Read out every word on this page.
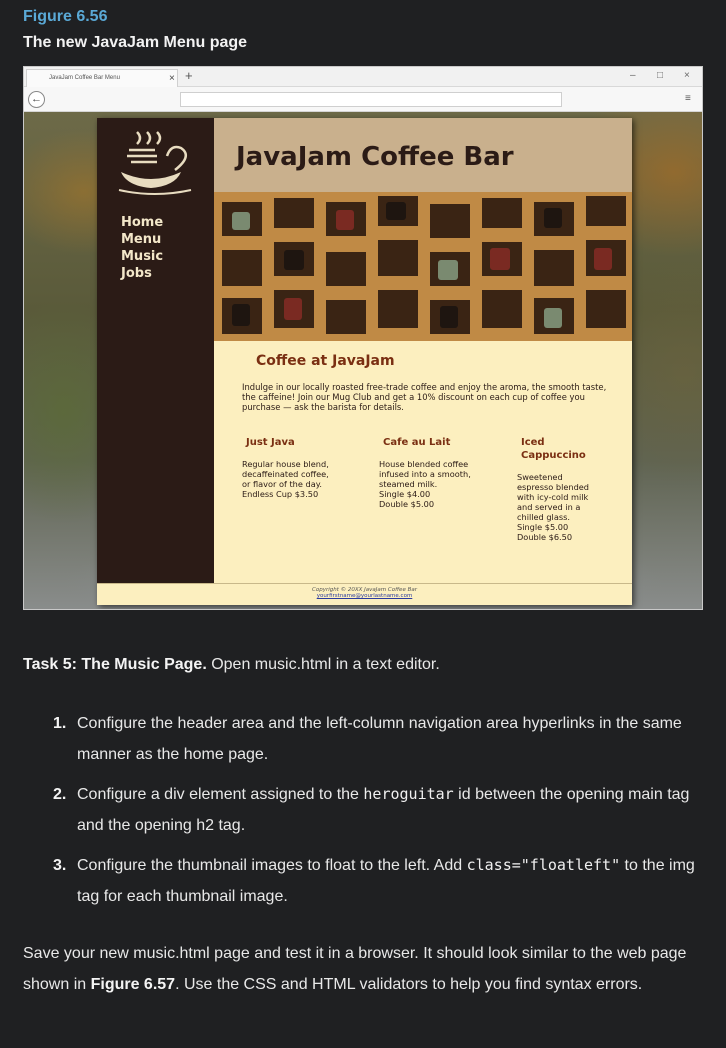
Figure 6.56
The new JavaJam Menu page
JavaJam Coffee Bar Menu	× +	– □ ×
←	≡
Home
Menu
Music
Jobs
JavaJam Coffee Bar
Coffee at JavaJam

Indulge in our locally roasted free-trade coffee and enjoy the aroma, the smooth taste, the caffeine! Join our Mug Club and get a 10% discount on each cup of coffee you purchase — ask the barista for details.

Just Java
Regular house blend, decaffeinated coffee, or flavor of the day.
Endless Cup $3.50
Cafe au Lait
House blended coffee infused into a smooth, steamed milk.
Single $4.00
Double $5.00
Iced Cappuccino
Sweetened espresso blended with icy-cold milk and served in a chilled glass.
Single $5.00
Double $6.50
Copyright © 20XX JavaJam Coffee Bar
yourfirstname@yourlastname.com

Task 5: The Music Page. Open music.html in a text editor.

1. Configure the header area and the left-column navigation area hyperlinks in the same manner as the home page.
2. Configure a div element assigned to the heroguitar id between the opening main tag and the opening h2 tag.
3. Configure the thumbnail images to float to the left. Add class="floatleft" to the img tag for each thumbnail image.

Save your new music.html page and test it in a browser. It should look similar to the web page shown in Figure 6.57. Use the CSS and HTML validators to help you find syntax errors.
